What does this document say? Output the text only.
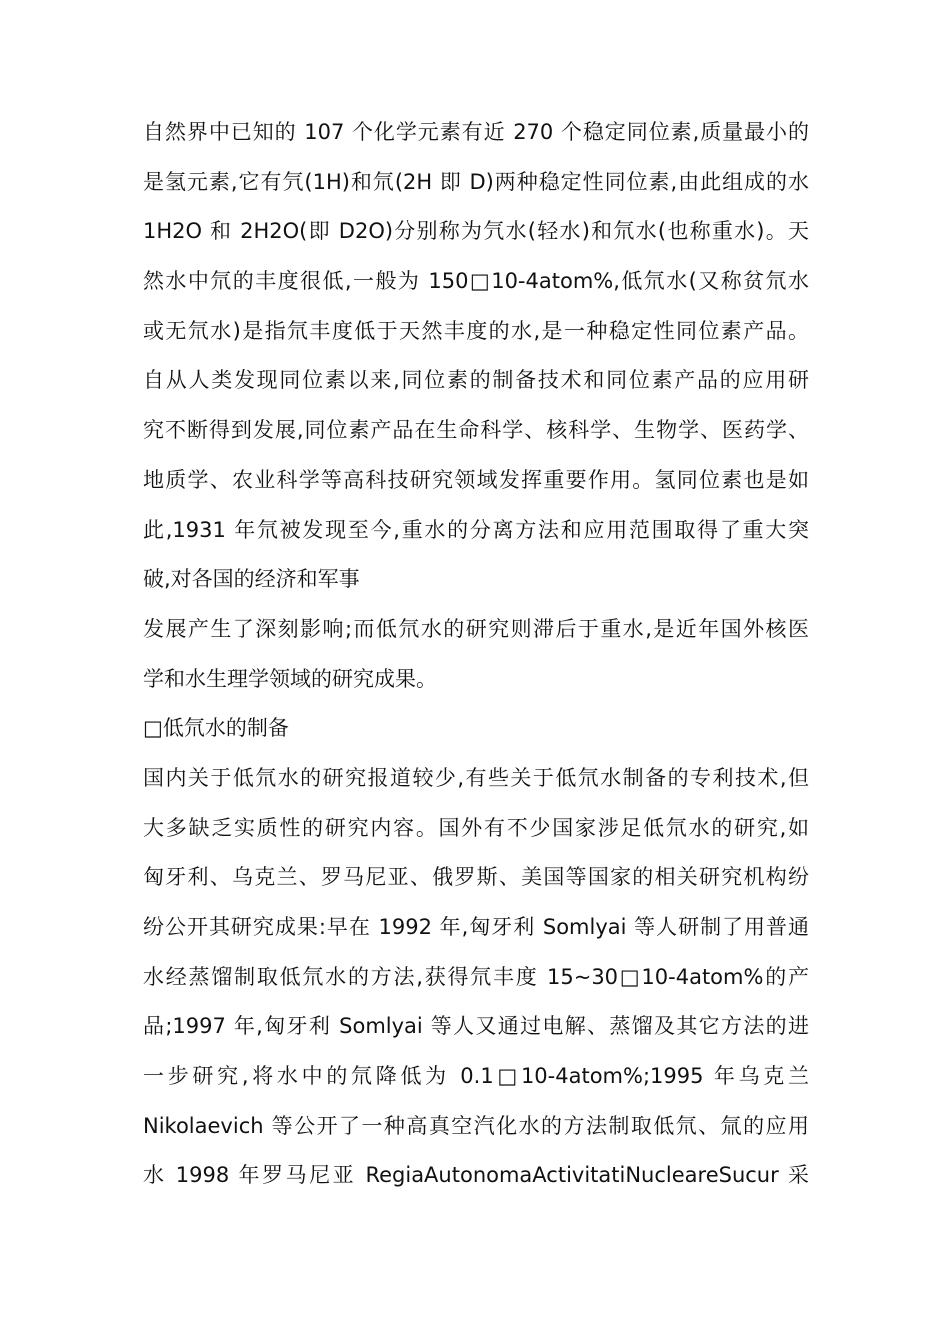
自然界中已知的 107 个化学元素有近 270 个稳定同位素,质量最小的
是氢元素,它有氕(1H)和氘(2H 即 D)两种稳定性同位素,由此组成的水
1H2O 和 2H2O(即 D2O)分别称为氕水(轻水)和氘水(也称重水)。天
然水中氘的丰度很低,一般为 150□10-4atom%,低氘水(又称贫氘水
或无氘水)是指氘丰度低于天然丰度的水,是一种稳定性同位素产品。
自从人类发现同位素以来,同位素的制备技术和同位素产品的应用研
究不断得到发展,同位素产品在生命科学、核科学、生物学、医药学、
地质学、农业科学等高科技研究领域发挥重要作用。氢同位素也是如
此,1931 年氘被发现至今,重水的分离方法和应用范围取得了重大突
破,对各国的经济和军事
发展产生了深刻影响;而低氘水的研究则滞后于重水,是近年国外核医
学和水生理学领域的研究成果。
□低氘水的制备
国内关于低氘水的研究报道较少,有些关于低氘水制备的专利技术,但
大多缺乏实质性的研究内容。国外有不少国家涉足低氘水的研究,如
匈牙利、乌克兰、罗马尼亚、俄罗斯、美国等国家的相关研究机构纷
纷公开其研究成果:早在 1992 年,匈牙利 Somlyai 等人研制了用普通
水经蒸馏制取低氘水的方法,获得氘丰度 15~30□10-4atom%的产
品;1997 年,匈牙利 Somlyai 等人又通过电解、蒸馏及其它方法的进
一步研究,将水中的氘降低为 0.1□10-4atom%;1995 年乌克兰
Nikolaevich 等公开了一种高真空汽化水的方法制取低氘、氚的应用
水 1998 年罗马尼亚 RegiaAutonomaActivitatiNucleareSucur 采
